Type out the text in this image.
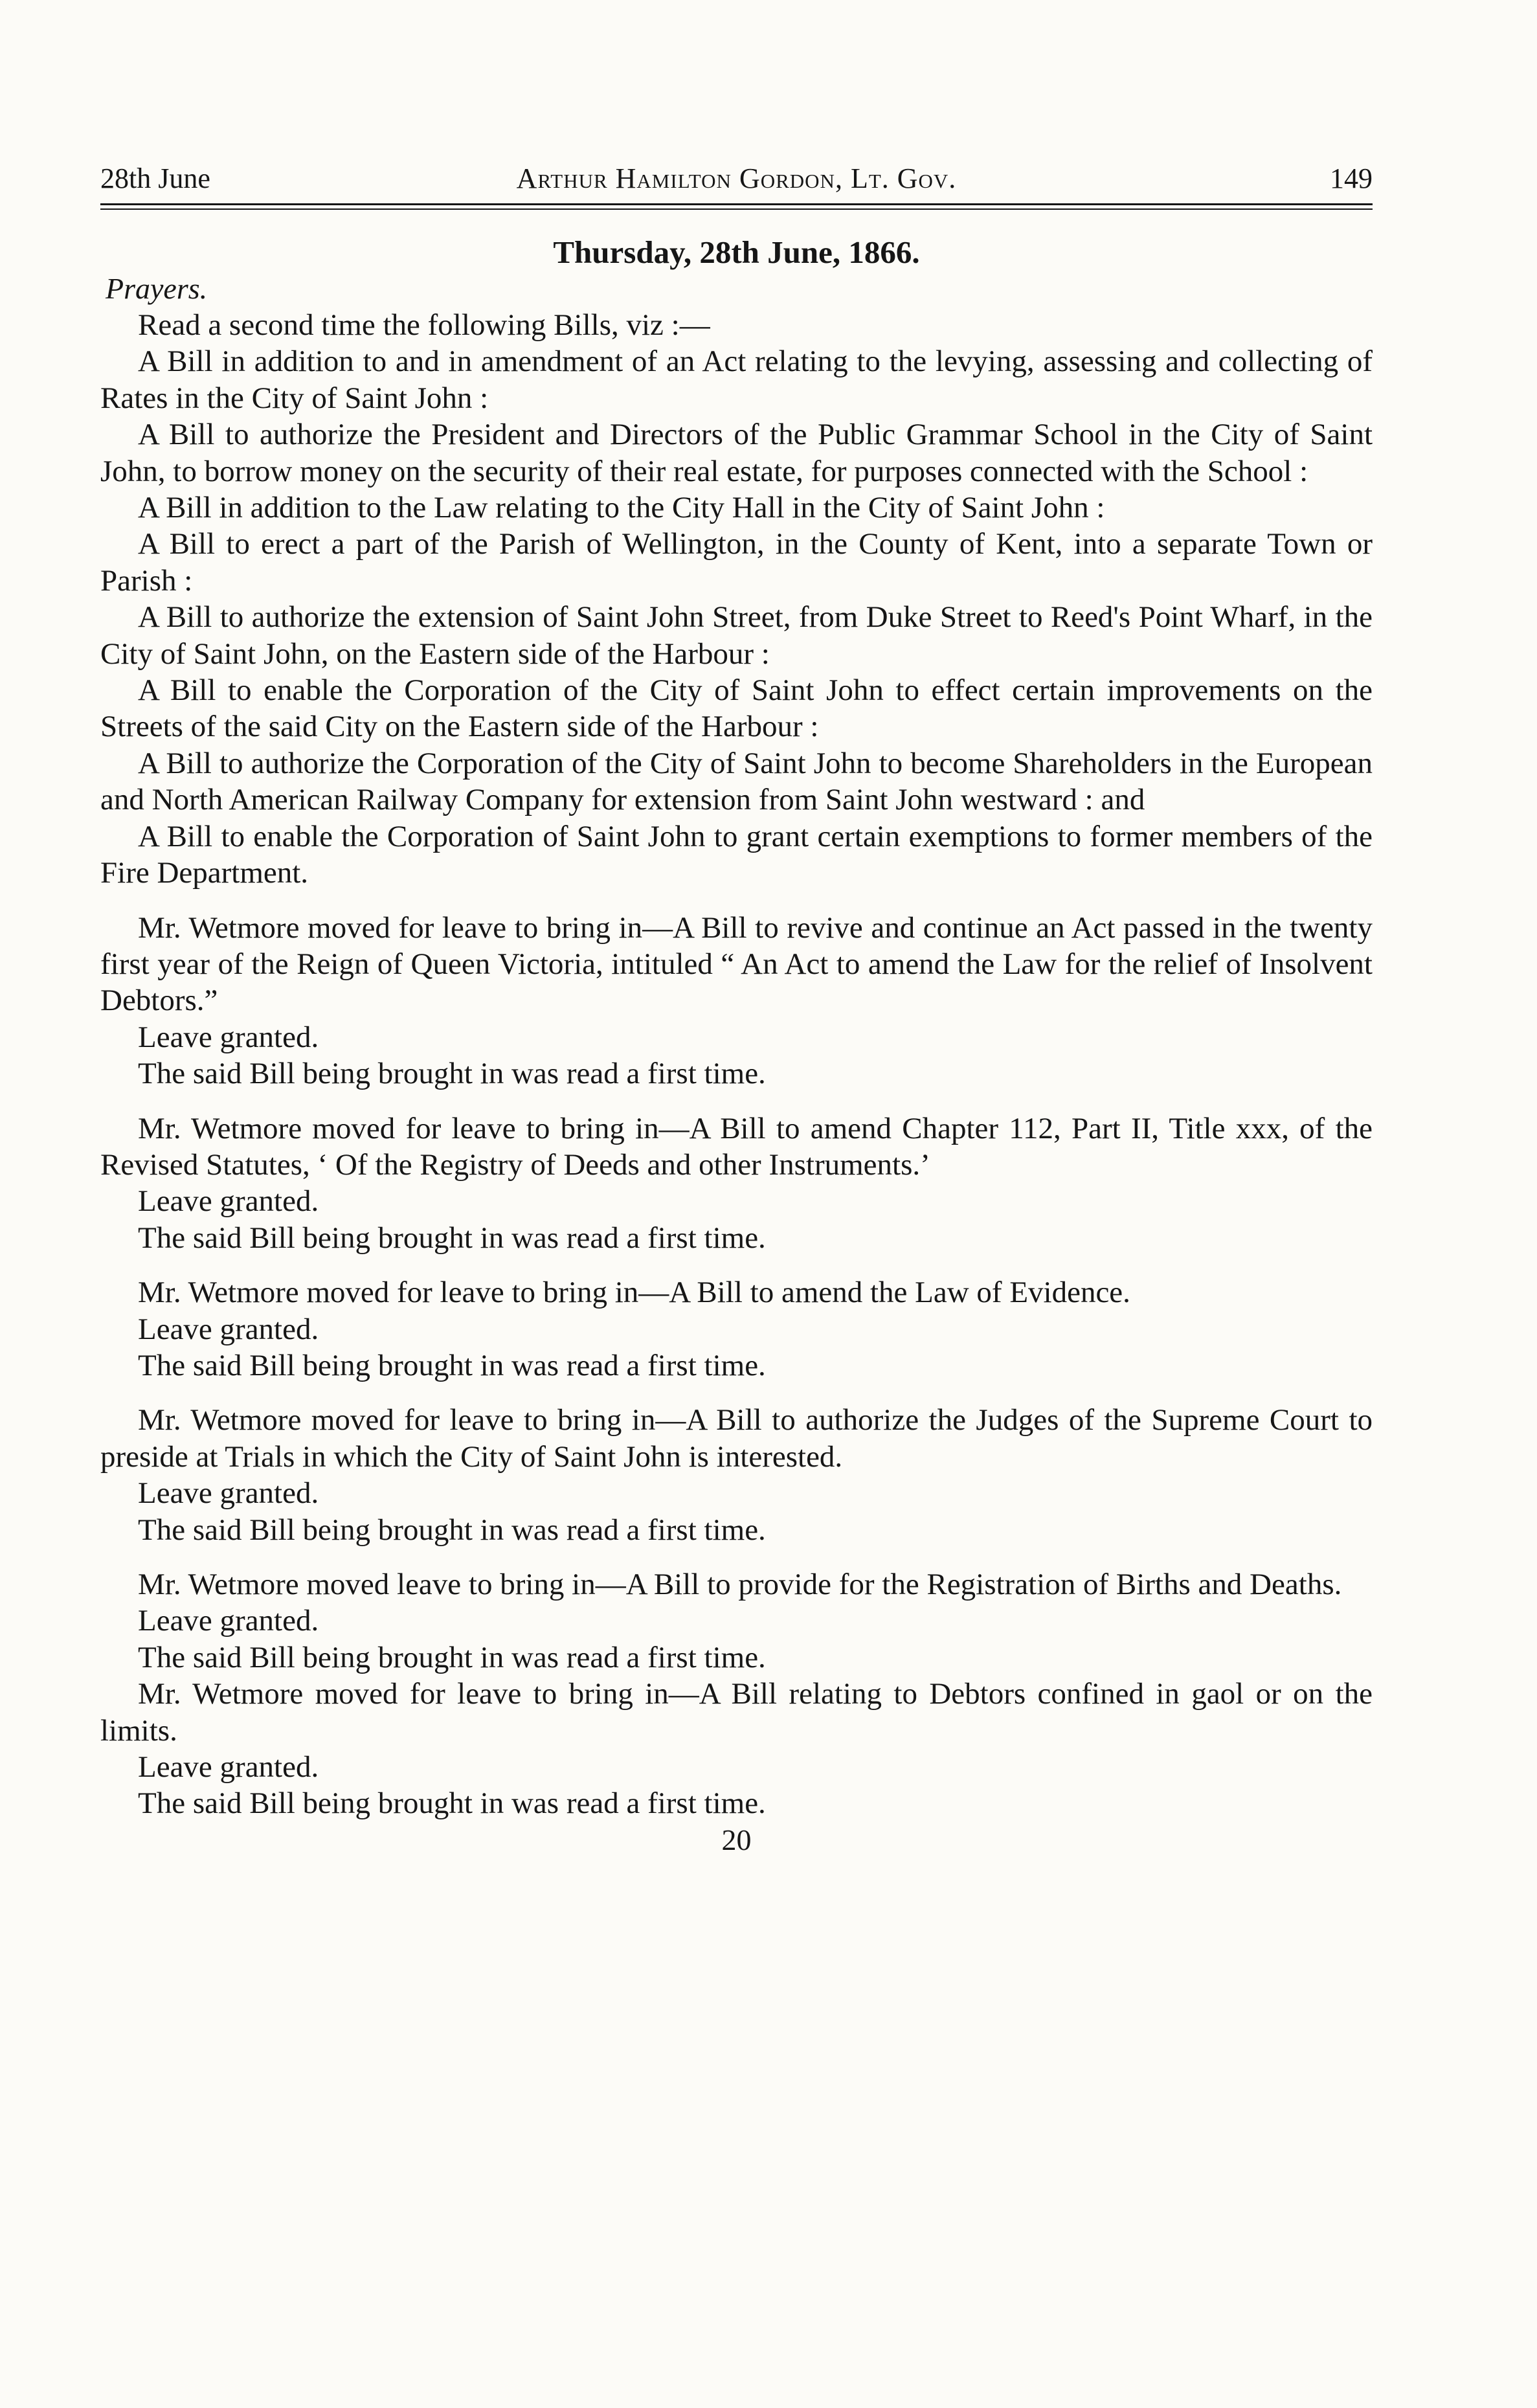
28th June	Arthur Hamilton Gordon, Lt. Gov.	149
Thursday, 28th June, 1866.
Prayers.

Read a second time the following Bills, viz :—

A Bill in addition to and in amendment of an Act relating to the levying, assessing and collecting of Rates in the City of Saint John :

A Bill to authorize the President and Directors of the Public Grammar School in the City of Saint John, to borrow money on the security of their real estate, for purposes connected with the School :

A Bill in addition to the Law relating to the City Hall in the City of Saint John :

A Bill to erect a part of the Parish of Wellington, in the County of Kent, into a separate Town or Parish :

A Bill to authorize the extension of Saint John Street, from Duke Street to Reed's Point Wharf, in the City of Saint John, on the Eastern side of the Harbour :

A Bill to enable the Corporation of the City of Saint John to effect certain improvements on the Streets of the said City on the Eastern side of the Harbour :

A Bill to authorize the Corporation of the City of Saint John to become Shareholders in the European and North American Railway Company for extension from Saint John westward : and

A Bill to enable the Corporation of Saint John to grant certain exemptions to former members of the Fire Department.

Mr. Wetmore moved for leave to bring in—A Bill to revive and continue an Act passed in the twenty first year of the Reign of Queen Victoria, intituled “ An Act to amend the Law for the relief of Insolvent Debtors.”

Leave granted.

The said Bill being brought in was read a first time.

Mr. Wetmore moved for leave to bring in—A Bill to amend Chapter 112, Part II, Title xxx, of the Revised Statutes, ‘ Of the Registry of Deeds and other Instruments.’

Leave granted.

The said Bill being brought in was read a first time.

Mr. Wetmore moved for leave to bring in—A Bill to amend the Law of Evidence.

Leave granted.

The said Bill being brought in was read a first time.

Mr. Wetmore moved for leave to bring in—A Bill to authorize the Judges of the Supreme Court to preside at Trials in which the City of Saint John is interested.

Leave granted.

The said Bill being brought in was read a first time.

Mr. Wetmore moved leave to bring in—A Bill to provide for the Registration of Births and Deaths.

Leave granted.

The said Bill being brought in was read a first time.

Mr. Wetmore moved for leave to bring in—A Bill relating to Debtors confined in gaol or on the limits.

Leave granted.

The said Bill being brought in was read a first time.

20
